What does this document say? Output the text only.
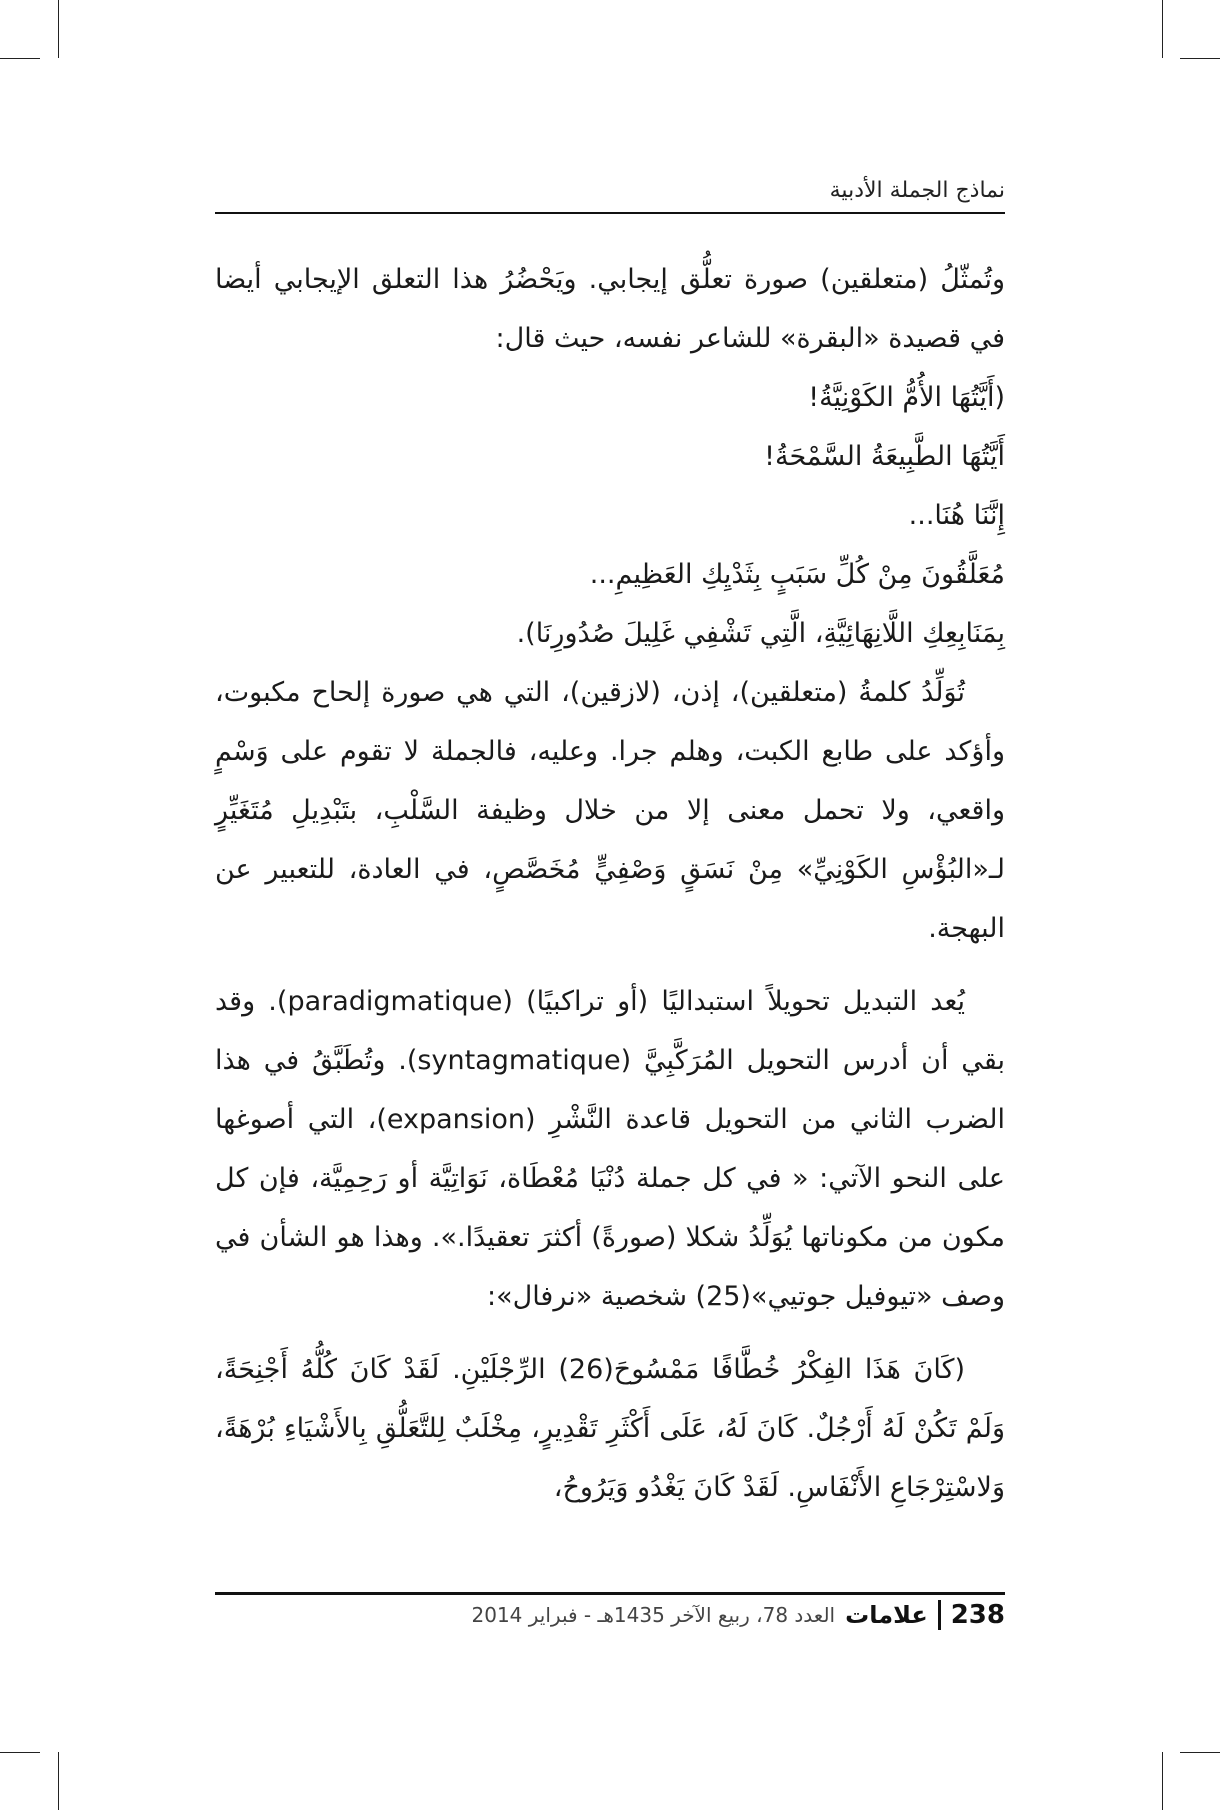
نماذج الجملة الأدبية

وتُمثّلُ (متعلقين) صورة تعلُّق إيجابي. ويَحْضُرُ هذا التعلق الإيجابي أيضا في قصيدة «البقرة» للشاعر نفسه، حيث قال:

(أَيَّتُهَا الأُمُّ الكَوْنِيَّةُ!

أَيَّتُهَا الطَّبِيعَةُ السَّمْحَةُ!

إِنَّنَا هُنَا...

مُعَلَّقُونَ مِنْ كُلِّ سَبَبٍ بِثَدْيِكِ العَظِيمِ...

بِمَنَابِعِكِ اللَّانِهَائِيَّةِ، الَّتِي تَشْفِي غَلِيلَ صُدُورِنَا).

تُوَلِّدُ كلمةُ (متعلقين)، إذن، (لازقين)، التي هي صورة إلحاح مكبوت، وأؤكد على طابع الكبت، وهلم جرا. وعليه، فالجملة لا تقوم على وَسْمٍ واقعي، ولا تحمل معنى إلا من خلال وظيفة السَّلْبِ، بتَبْدِيلِ مُتَغَيِّرٍ لـ«البُؤْسِ الكَوْنِيِّ» مِنْ نَسَقٍ وَصْفِيٍّ مُخَصَّصٍ، في العادة، للتعبير عن البهجة.

يُعد التبديل تحويلاً استبداليًا (أو تراكبيًا) (paradigmatique). وقد بقي أن أدرس التحويل المُرَكَّبِيَّ (syntagmatique). وتُطَبَّقُ في هذا الضرب الثاني من التحويل قاعدة النَّشْرِ (expansion)، التي أصوغها على النحو الآتي: « في كل جملة دُنْيَا مُعْطَاة، نَوَاتِيَّة أو رَحِمِيَّة، فإن كل مكون من مكوناتها يُوَلِّدُ شكلا (صورةً) أكثرَ تعقيدًا.». وهذا هو الشأن في وصف «تيوفيل جوتيي»(25) شخصية «نرفال»:

(كَانَ هَذَا الفِكْرُ خُطَّافًا مَمْسُوحَ(26) الرِّجْلَيْنِ. لَقَدْ كَانَ كُلُّهُ أَجْنِحَةً، وَلَمْ تَكُنْ لَهُ أَرْجُلٌ. كَانَ لَهُ، عَلَى أَكْثَرِ تَقْدِيرٍ، مِخْلَبٌ لِلتَّعَلُّقِ بِالأَشْيَاءِ بُرْهَةً، وَلاسْتِرْجَاعِ الأَنْفَاسِ. لَقَدْ كَانَ يَغْدُو وَيَرُوحُ،

238
علامات
العدد 78، ربيع الآخر 1435هـ - فبراير 2014
